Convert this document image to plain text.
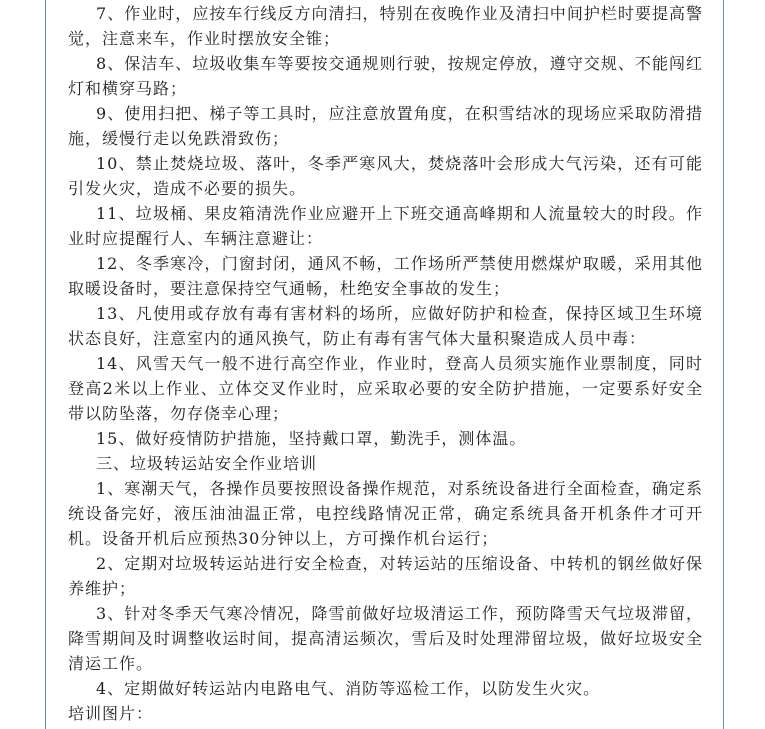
7、作业时，应按车行线反方向清扫，特别在夜晚作业及清扫中间护栏时要提高警觉，注意来车，作业时摆放安全锥；

8、保洁车、垃圾收集车等要按交通规则行驶，按规定停放，遵守交规、不能闯红灯和横穿马路；

9、使用扫把、梯子等工具时，应注意放置角度，在积雪结冰的现场应采取防滑措施，缓慢行走以免跌滑致伤；

10、禁止焚烧垃圾、落叶，冬季严寒风大，焚烧落叶会形成大气污染，还有可能引发火灾，造成不必要的损失。

11、垃圾桶、果皮箱清洗作业应避开上下班交通高峰期和人流量较大的时段。作业时应提醒行人、车辆注意避让：

12、冬季寒冷，门窗封闭，通风不畅，工作场所严禁使用燃煤炉取暖，采用其他取暖设备时，要注意保持空气通畅，杜绝安全事故的发生；

13、凡使用或存放有毒有害材料的场所，应做好防护和检查，保持区域卫生环境状态良好，注意室内的通风换气，防止有毒有害气体大量积聚造成人员中毒：

14、风雪天气一般不进行高空作业，作业时，登高人员须实施作业票制度，同时登高2米以上作业、立体交叉作业时，应采取必要的安全防护措施，一定要系好安全带以防坠落，勿存侥幸心理；

15、做好疫情防护措施，坚持戴口罩，勤洗手，测体温。

三、垃圾转运站安全作业培训

1、寒潮天气，各操作员要按照设备操作规范，对系统设备进行全面检查，确定系统设备完好，液压油油温正常，电控线路情况正常，确定系统具备开机条件才可开机。设备开机后应预热30分钟以上，方可操作机台运行；

2、定期对垃圾转运站进行安全检查，对转运站的压缩设备、中转机的钢丝做好保养维护；

3、针对冬季天气寒冷情况，降雪前做好垃圾清运工作，预防降雪天气垃圾滞留，降雪期间及时调整收运时间，提高清运频次，雪后及时处理滞留垃圾，做好垃圾安全清运工作。

4、定期做好转运站内电路电气、消防等巡检工作，以防发生火灾。

培训图片：
